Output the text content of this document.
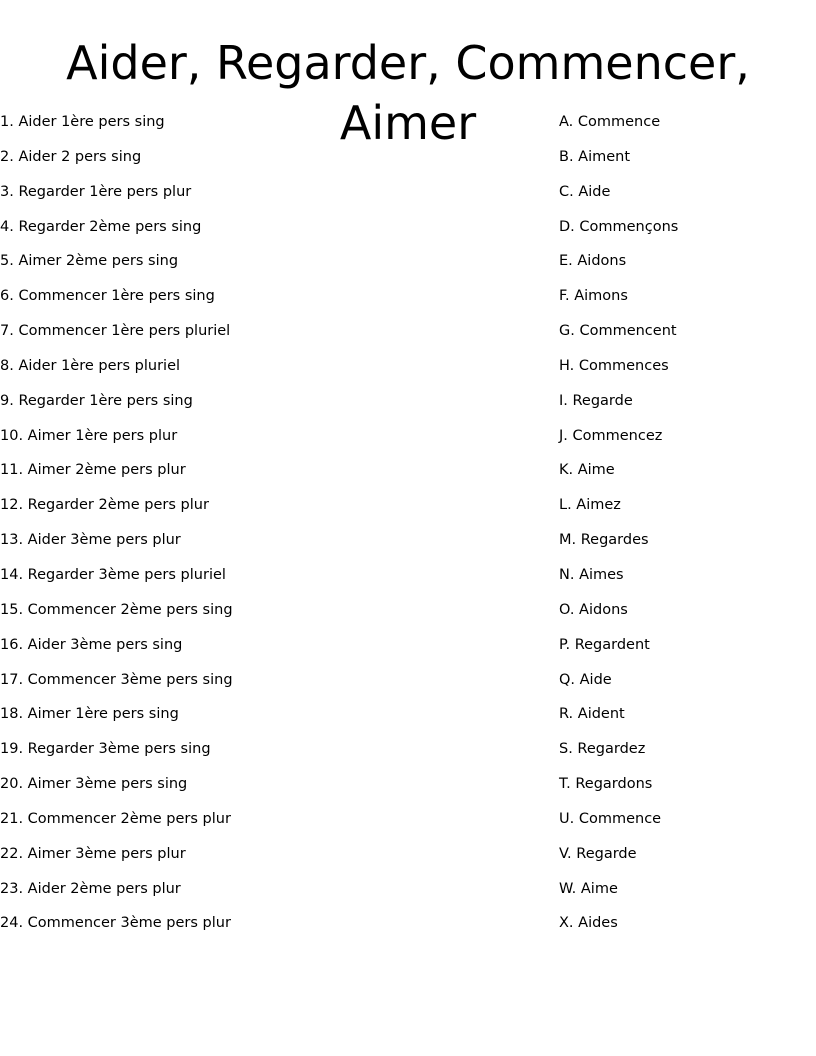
Aider, Regarder, Commencer, Aimer
1. Aider 1ère pers sing
2. Aider 2 pers sing
3. Regarder 1ère pers plur
4. Regarder 2ème pers sing
5. Aimer 2ème pers sing
6. Commencer 1ère pers sing
7. Commencer 1ère pers pluriel
8. Aider 1ère pers pluriel
9. Regarder 1ère pers sing
10. Aimer 1ère pers plur
11. Aimer 2ème pers plur
12. Regarder 2ème pers plur
13. Aider 3ème pers plur
14. Regarder 3ème pers pluriel
15. Commencer 2ème pers sing
16. Aider 3ème pers sing
17. Commencer 3ème pers sing
18. Aimer 1ère pers sing
19. Regarder 3ème pers sing
20. Aimer 3ème pers sing
21. Commencer 2ème pers plur
22. Aimer 3ème pers plur
23. Aider 2ème pers plur
24. Commencer 3ème pers plur
A. Commence
B. Aiment
C. Aide
D. Commençons
E. Aidons
F. Aimons
G. Commencent
H. Commences
I. Regarde
J. Commencez
K. Aime
L. Aimez
M. Regardes
N. Aimes
O. Aidons
P. Regardent
Q. Aide
R. Aident
S. Regardez
T. Regardons
U. Commence
V. Regarde
W. Aime
X. Aides
